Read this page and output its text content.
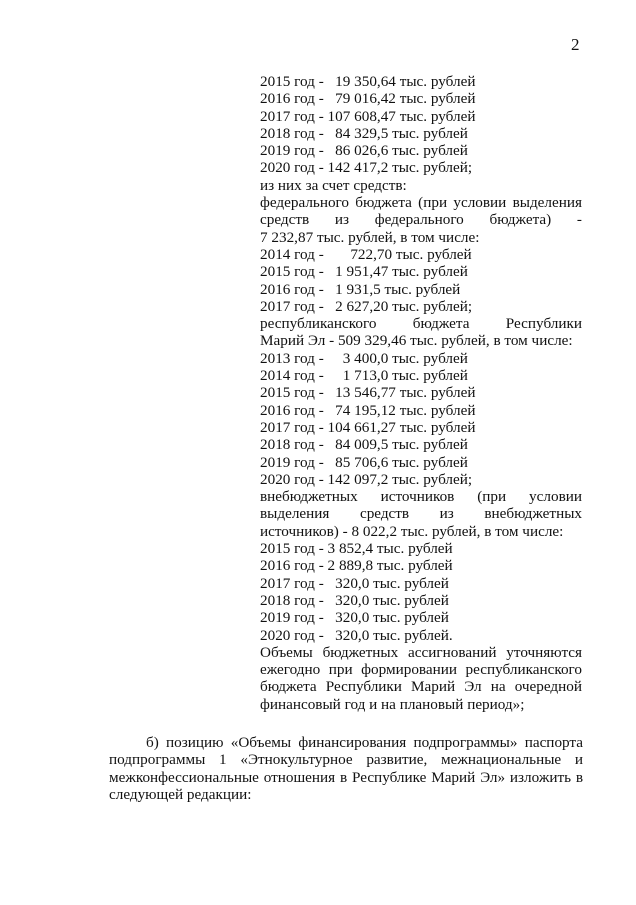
2
2015 год -   19 350,64 тыс. рублей
2016 год -   79 016,42 тыс. рублей
2017 год - 107 608,47 тыс. рублей
2018 год -   84 329,5 тыс. рублей
2019 год -   86 026,6 тыс. рублей
2020 год - 142 417,2 тыс. рублей;
из них за счет средств:
федерального бюджета (при условии выделения
средств из федерального бюджета) -
7 232,87 тыс. рублей, в том числе:
2014 год -       722,70 тыс. рублей
2015 год -   1 951,47 тыс. рублей
2016 год -   1 931,5 тыс. рублей
2017 год -   2 627,20 тыс. рублей;
республиканского бюджета Республики
Марий Эл - 509 329,46 тыс. рублей, в том числе:
2013 год -     3 400,0 тыс. рублей
2014 год -     1 713,0 тыс. рублей
2015 год -   13 546,77 тыс. рублей
2016 год -   74 195,12 тыс. рублей
2017 год - 104 661,27 тыс. рублей
2018 год -   84 009,5 тыс. рублей
2019 год -   85 706,6 тыс. рублей
2020 год - 142 097,2 тыс. рублей;
внебюджетных источников (при условии
выделения средств из внебюджетных
источников) - 8 022,2 тыс. рублей, в том числе:
2015 год - 3 852,4 тыс. рублей
2016 год - 2 889,8 тыс. рублей
2017 год -   320,0 тыс. рублей
2018 год -   320,0 тыс. рублей
2019 год -   320,0 тыс. рублей
2020 год -   320,0 тыс. рублей.
Объемы бюджетных ассигнований уточняются ежегодно при формировании республиканского бюджета Республики Марий Эл на очередной финансовый год и на плановый период»;
б) позицию «Объемы финансирования подпрограммы» паспорта подпрограммы 1 «Этнокультурное развитие, межнациональные и межконфессиональные отношения в Республике Марий Эл» изложить в следующей редакции:
